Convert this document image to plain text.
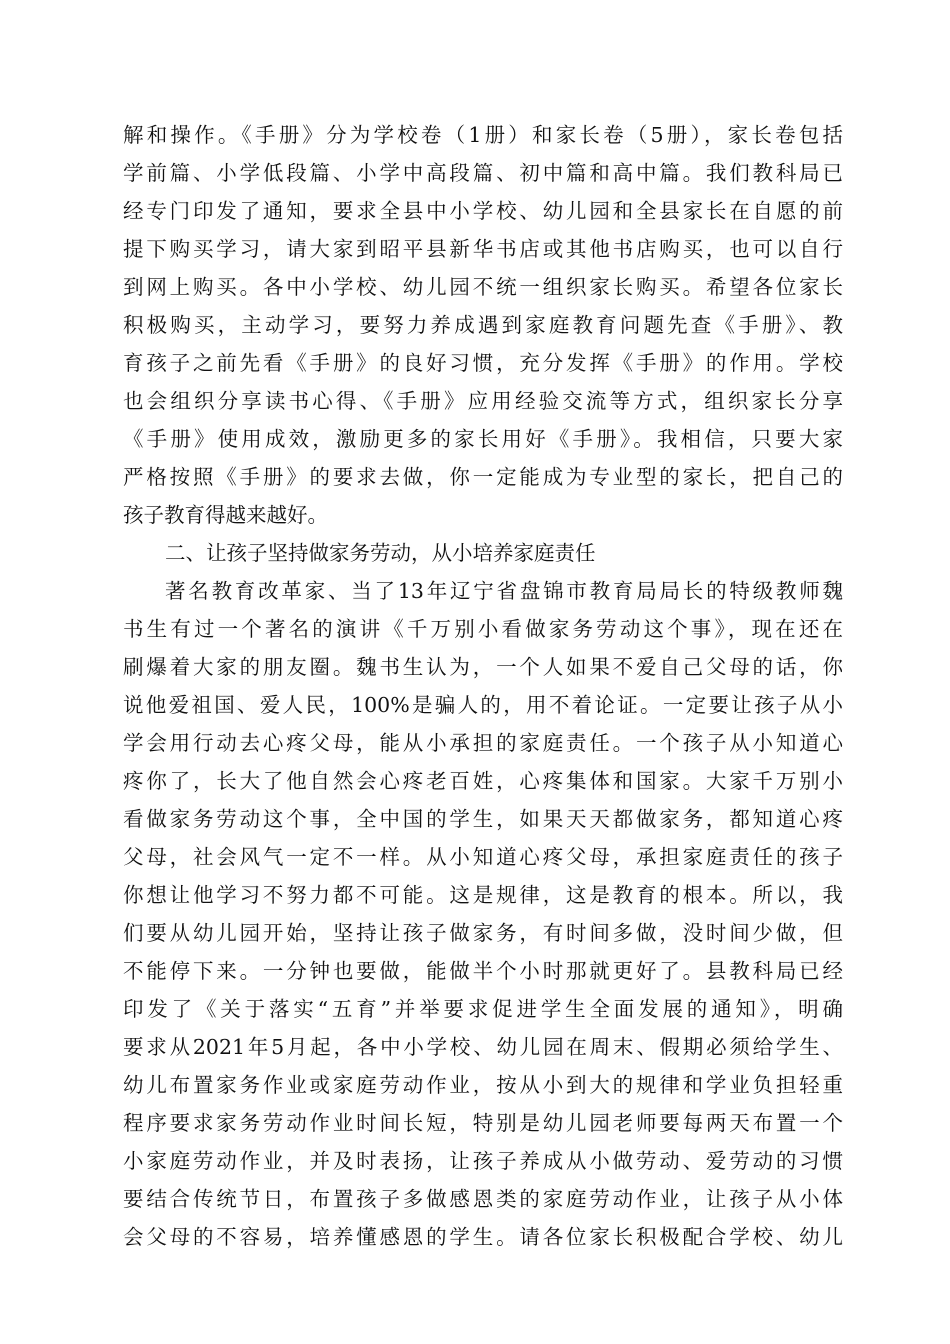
解和操作。《手册》分为学校卷（1册）和家长卷（5册），家长卷包括

学前篇、小学低段篇、小学中高段篇、初中篇和高中篇。我们教科局已

经专门印发了通知，要求全县中小学校、幼儿园和全县家长在自愿的前

提下购买学习，请大家到昭平县新华书店或其他书店购买，也可以自行

到网上购买。各中小学校、幼儿园不统一组织家长购买。希望各位家长

积极购买，主动学习，要努力养成遇到家庭教育问题先查《手册》、教

育孩子之前先看《手册》的良好习惯，充分发挥《手册》的作用。学校

也会组织分享读书心得、《手册》应用经验交流等方式，组织家长分享

《手册》使用成效，激励更多的家长用好《手册》。我相信，只要大家

严格按照《手册》的要求去做，你一定能成为专业型的家长，把自己的

孩子教育得越来越好。

二、让孩子坚持做家务劳动，从小培养家庭责任

著名教育改革家、当了13年辽宁省盘锦市教育局局长的特级教师魏

书生有过一个著名的演讲《千万别小看做家务劳动这个事》，现在还在

刷爆着大家的朋友圈。魏书生认为，一个人如果不爱自己父母的话，你

说他爱祖国、爱人民，100%是骗人的，用不着论证。一定要让孩子从小

学会用行动去心疼父母，能从小承担的家庭责任。一个孩子从小知道心

疼你了，长大了他自然会心疼老百姓，心疼集体和国家。大家千万别小

看做家务劳动这个事，全中国的学生，如果天天都做家务，都知道心疼

父母，社会风气一定不一样。从小知道心疼父母，承担家庭责任的孩子

你想让他学习不努力都不可能。这是规律，这是教育的根本。所以，我

们要从幼儿园开始，坚持让孩子做家务，有时间多做，没时间少做，但

不能停下来。一分钟也要做，能做半个小时那就更好了。县教科局已经

印发了《关于落实“五育”并举要求促进学生全面发展的通知》，明确

要求从2021年5月起，各中小学校、幼儿园在周末、假期必须给学生、

幼儿布置家务作业或家庭劳动作业，按从小到大的规律和学业负担轻重

程序要求家务劳动作业时间长短，特别是幼儿园老师要每两天布置一个

小家庭劳动作业，并及时表扬，让孩子养成从小做劳动、爱劳动的习惯

要结合传统节日，布置孩子多做感恩类的家庭劳动作业，让孩子从小体

会父母的不容易，培养懂感恩的学生。请各位家长积极配合学校、幼儿
